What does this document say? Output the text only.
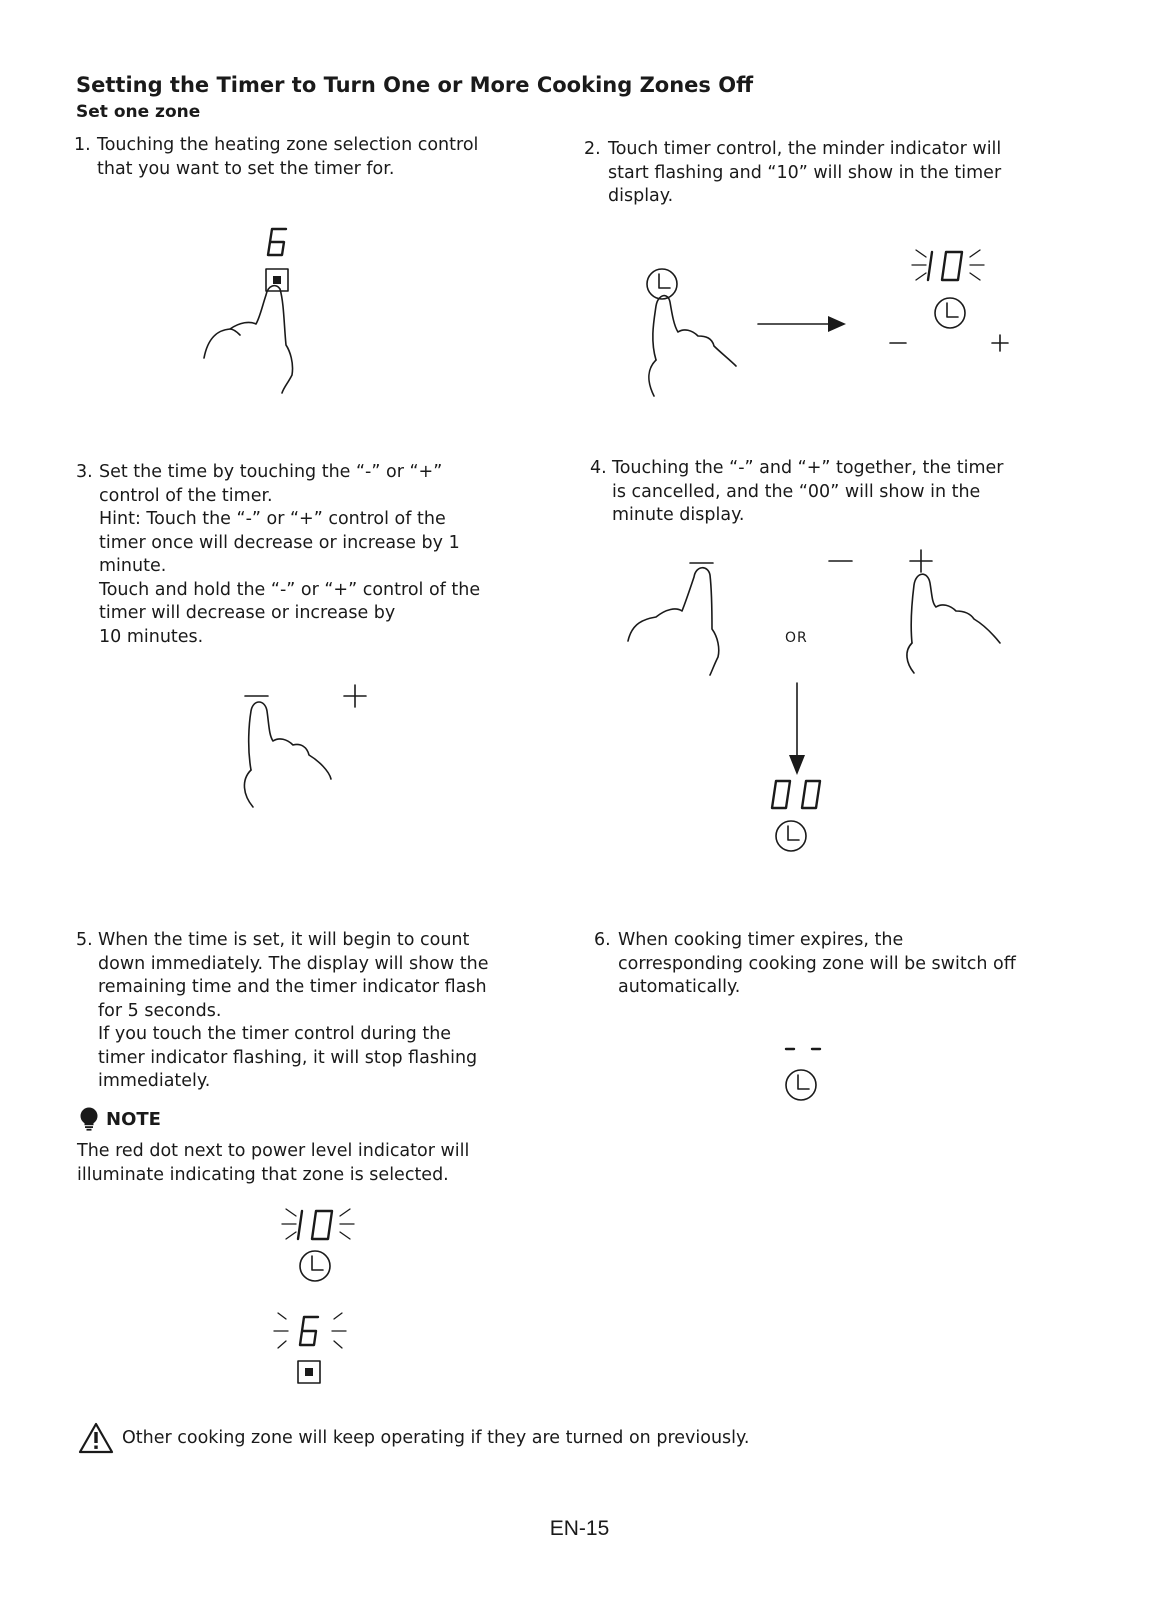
Setting the Timer to Turn One or More Cooking Zones Off
Set one zone
1. Touching the heating zone selection control
that you want to set the timer for.
2. Touch timer control, the minder indicator will
start flashing and “10” will show in the timer
display.
3. Set the time by touching the “-” or “+”
control of the timer.
Hint: Touch the “-” or “+” control of the
timer once will decrease or increase by 1
minute.
Touch and hold the “-” or “+” control of the
timer will decrease or increase by
10 minutes.
4. Touching the “-” and “+” together, the timer
is cancelled, and the “00” will show in the
minute display.
5. When the time is set, it will begin to count
down immediately. The display will show the
remaining time and the timer indicator flash
for 5 seconds.
If you touch the timer control during the
timer indicator flashing, it will stop flashing
immediately.
6. When cooking timer expires, the
corresponding cooking zone will be switch off
automatically.
OR
NOTE
The red dot next to power level indicator will
illuminate indicating that zone is selected.
Other cooking zone will keep operating if they are turned on previously.
EN-15
